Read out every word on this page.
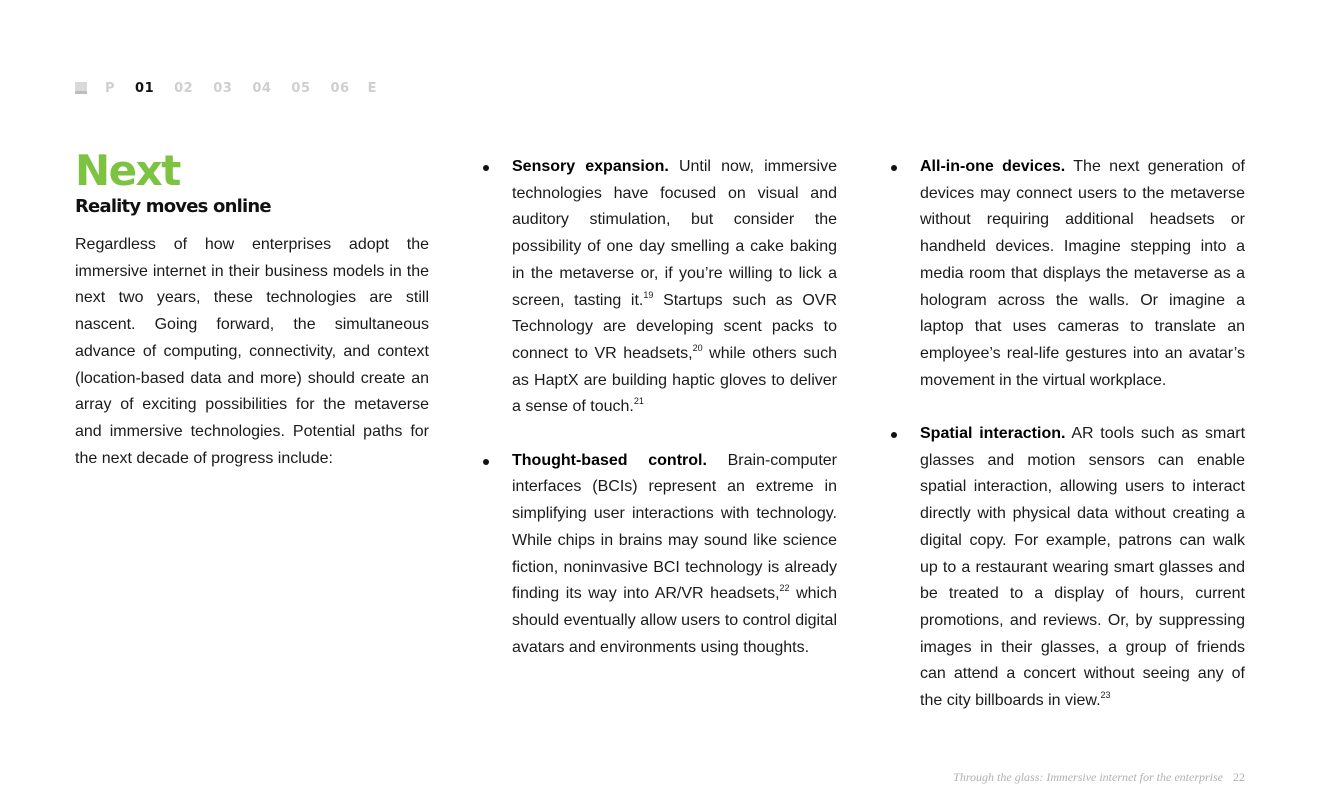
P 01 02 03 04 05 06 E
Next
Reality moves online

Regardless of how enterprises adopt the immersive internet in their business models in the next two years, these technologies are still nascent. Going forward, the simultaneous advance of computing, connectivity, and context (location-based data and more) should create an array of exciting possibilities for the metaverse and immersive technologies. Potential paths for the next decade of progress include:

Sensory expansion. Until now, immersive technologies have focused on visual and auditory stimulation, but consider the possibility of one day smelling a cake baking in the metaverse or, if you’re willing to lick a screen, tasting it.$^{19}$ Startups such as OVR Technology are developing scent packs to connect to VR headsets,$^{20}$ while others such as HaptX are building haptic gloves to deliver a sense of touch.$^{21}$
Thought-based control. Brain-computer interfaces (BCIs) represent an extreme in simplifying user interactions with technology. While chips in brains may sound like science fiction, noninvasive BCI technology is already finding its way into AR/VR headsets,$^{22}$ which should eventually allow users to control digital avatars and environments using thoughts.
All-in-one devices. The next generation of devices may connect users to the metaverse without requiring additional headsets or handheld devices. Imagine stepping into a media room that displays the metaverse as a hologram across the walls. Or imagine a laptop that uses cameras to translate an employee’s real-life gestures into an avatar’s movement in the virtual workplace.
Spatial interaction. AR tools such as smart glasses and motion sensors can enable spatial interaction, allowing users to interact directly with physical data without creating a digital copy. For example, patrons can walk up to a restaurant wearing smart glasses and be treated to a display of hours, current promotions, and reviews. Or, by suppressing images in their glasses, a group of friends can attend a concert without seeing any of the city billboards in view.$^{23}$
Through the glass: Immersive internet for the enterprise 22
